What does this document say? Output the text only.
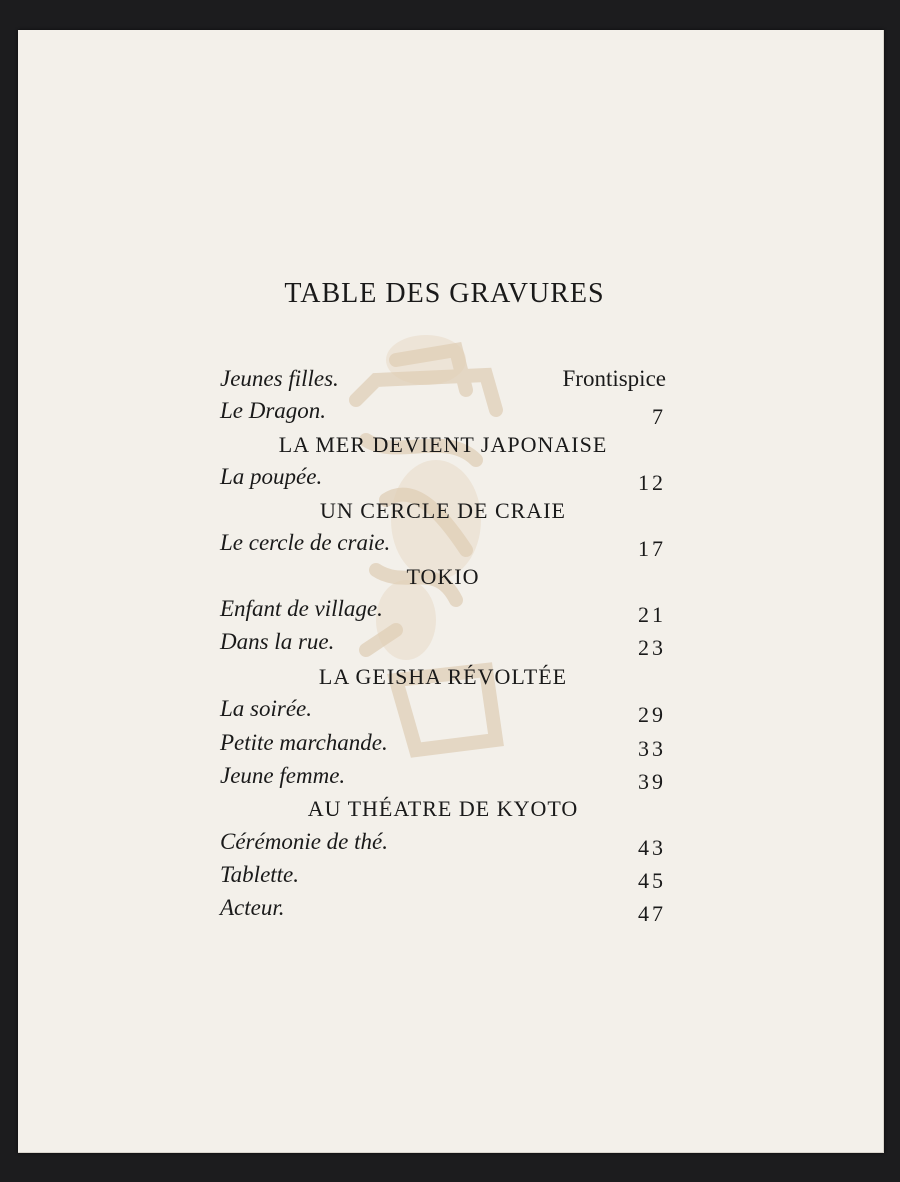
TABLE DES GRAVURES
Jeunes filles.	Frontispice
Le Dragon.	7
LA MER DEVIENT JAPONAISE
La poupée.	12
UN CERCLE DE CRAIE
Le cercle de craie.	17
TOKIO
Enfant de village.	21
Dans la rue.	23
LA GEISHA RÉVOLTÉE
La soirée.	29
Petite marchande.	33
Jeune femme.	39
AU THÉATRE DE KYOTO
Cérémonie de thé.	43
Tablette.	45
Acteur.	47
